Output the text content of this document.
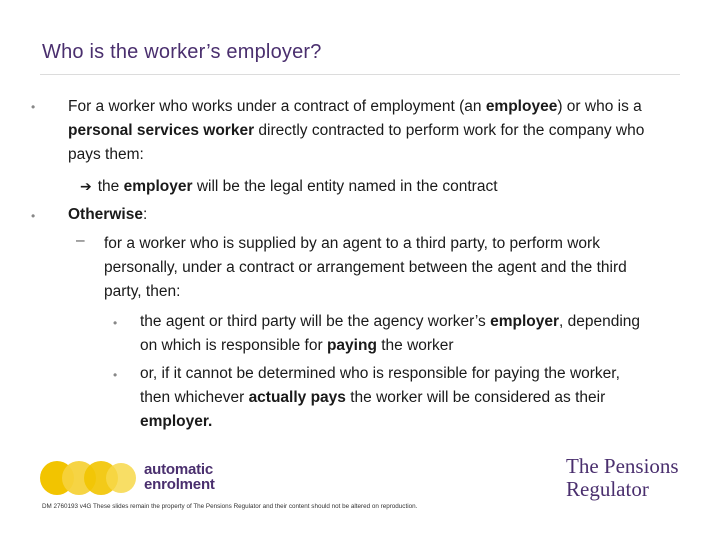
Who is the worker’s employer?
• For a worker who works under a contract of employment (an employee) or who is a personal services worker directly contracted to perform work for the company who pays them:
➔ the employer will be the legal entity named in the contract
• Otherwise:
– for a worker who is supplied by an agent to a third party, to perform work personally, under a contract or arrangement between the agent and the third party, then:
• the agent or third party will be the agency worker’s employer, depending on which is responsible for paying the worker
• or, if it cannot be determined who is responsible for paying the worker, then whichever actually pays the worker will be considered as their employer.
automatic
enrolment
The Pensions
Regulator
DM 2760193 v4G These slides remain the property of The Pensions Regulator and their content should not be altered on reproduction.
